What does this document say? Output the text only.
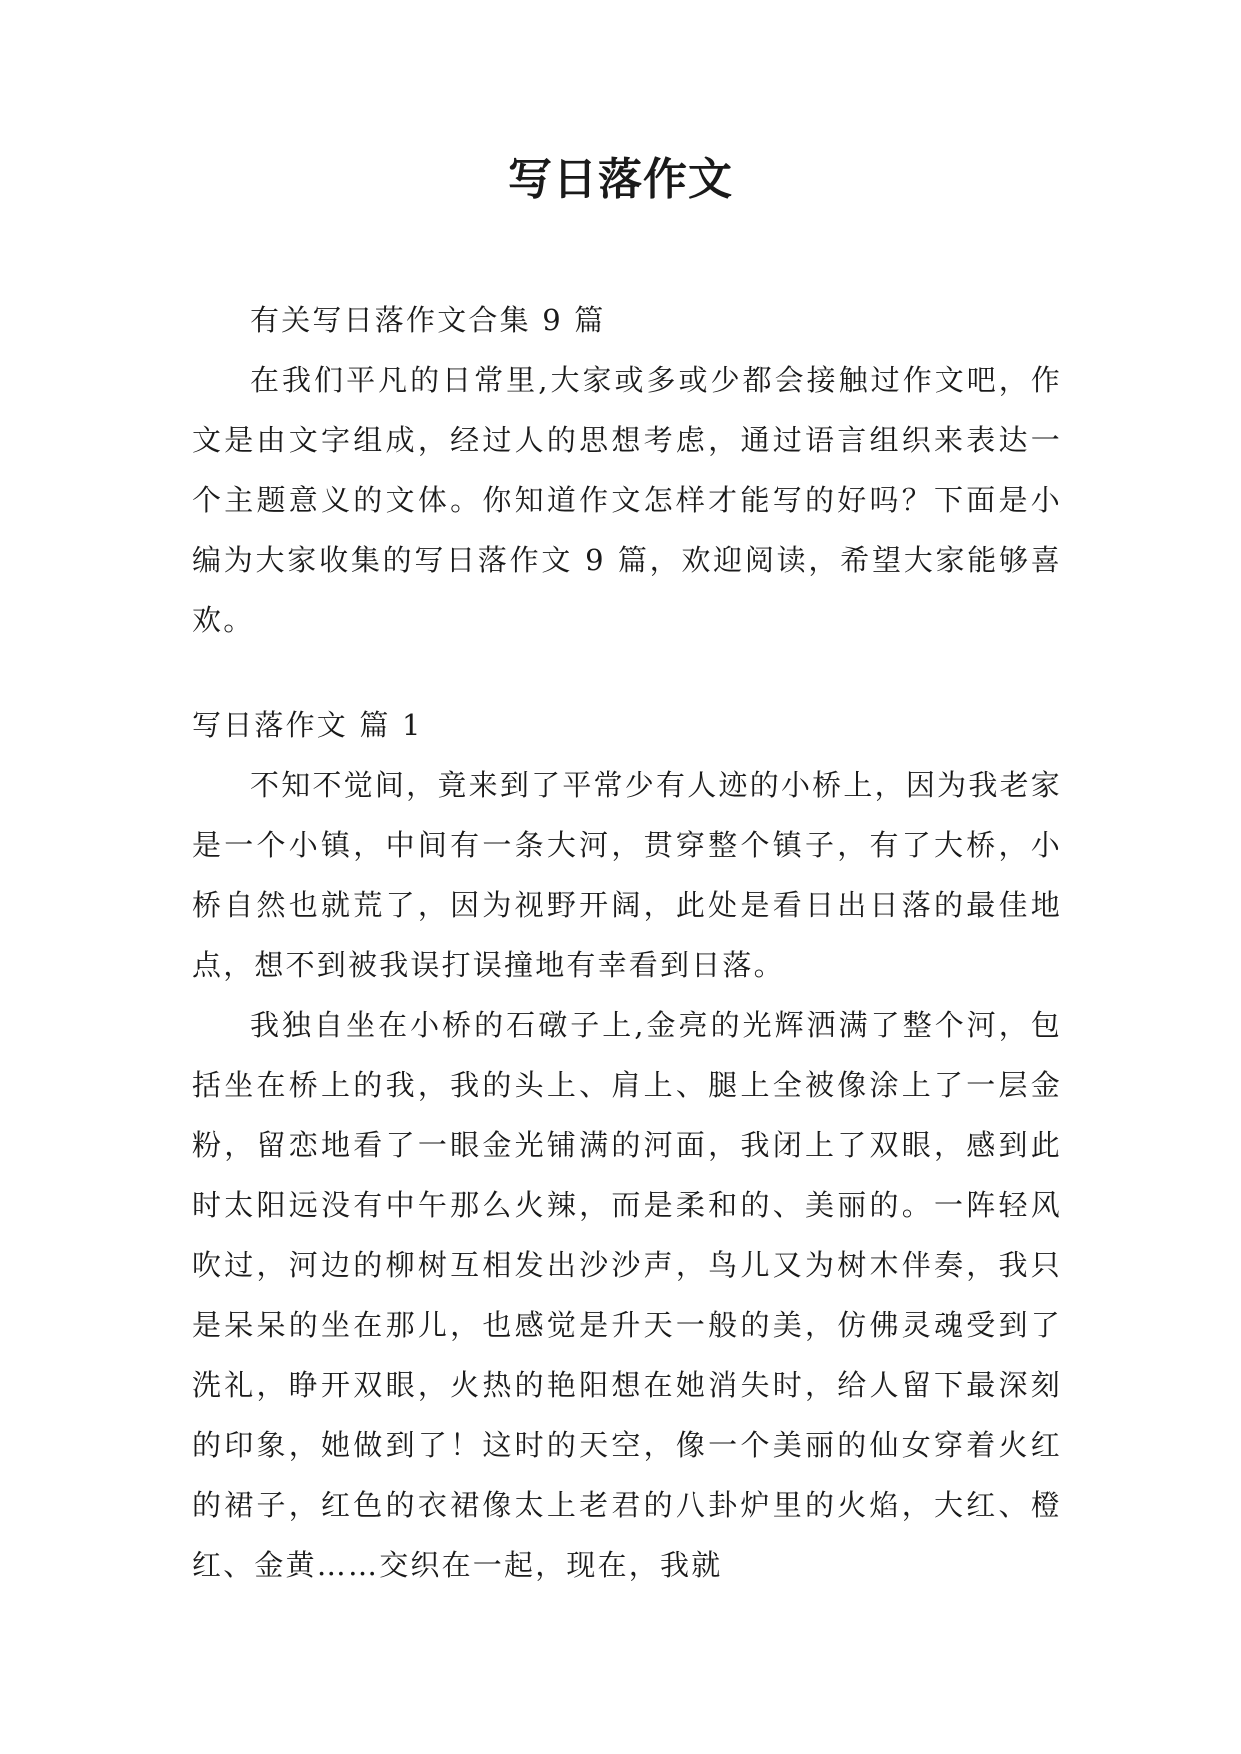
写日落作文

有关写日落作文合集 9 篇

在我们平凡的日常里,大家或多或少都会接触过作文吧，作文是由文字组成，经过人的思想考虑，通过语言组织来表达一个主题意义的文体。你知道作文怎样才能写的好吗？下面是小编为大家收集的写日落作文 9 篇，欢迎阅读，希望大家能够喜欢。

写日落作文 篇 1

不知不觉间，竟来到了平常少有人迹的小桥上，因为我老家是一个小镇，中间有一条大河，贯穿整个镇子，有了大桥，小桥自然也就荒了，因为视野开阔，此处是看日出日落的最佳地点，想不到被我误打误撞地有幸看到日落。

我独自坐在小桥的石礅子上,金亮的光辉洒满了整个河，包括坐在桥上的我，我的头上、肩上、腿上全被像涂上了一层金粉，留恋地看了一眼金光铺满的河面，我闭上了双眼，感到此时太阳远没有中午那么火辣，而是柔和的、美丽的。一阵轻风吹过，河边的柳树互相发出沙沙声，鸟儿又为树木伴奏，我只是呆呆的坐在那儿，也感觉是升天一般的美，仿佛灵魂受到了洗礼，睁开双眼，火热的艳阳想在她消失时，给人留下最深刻的印象，她做到了！这时的天空，像一个美丽的仙女穿着火红的裙子，红色的衣裙像太上老君的八卦炉里的火焰，大红、橙红、金黄……交织在一起，现在，我就
